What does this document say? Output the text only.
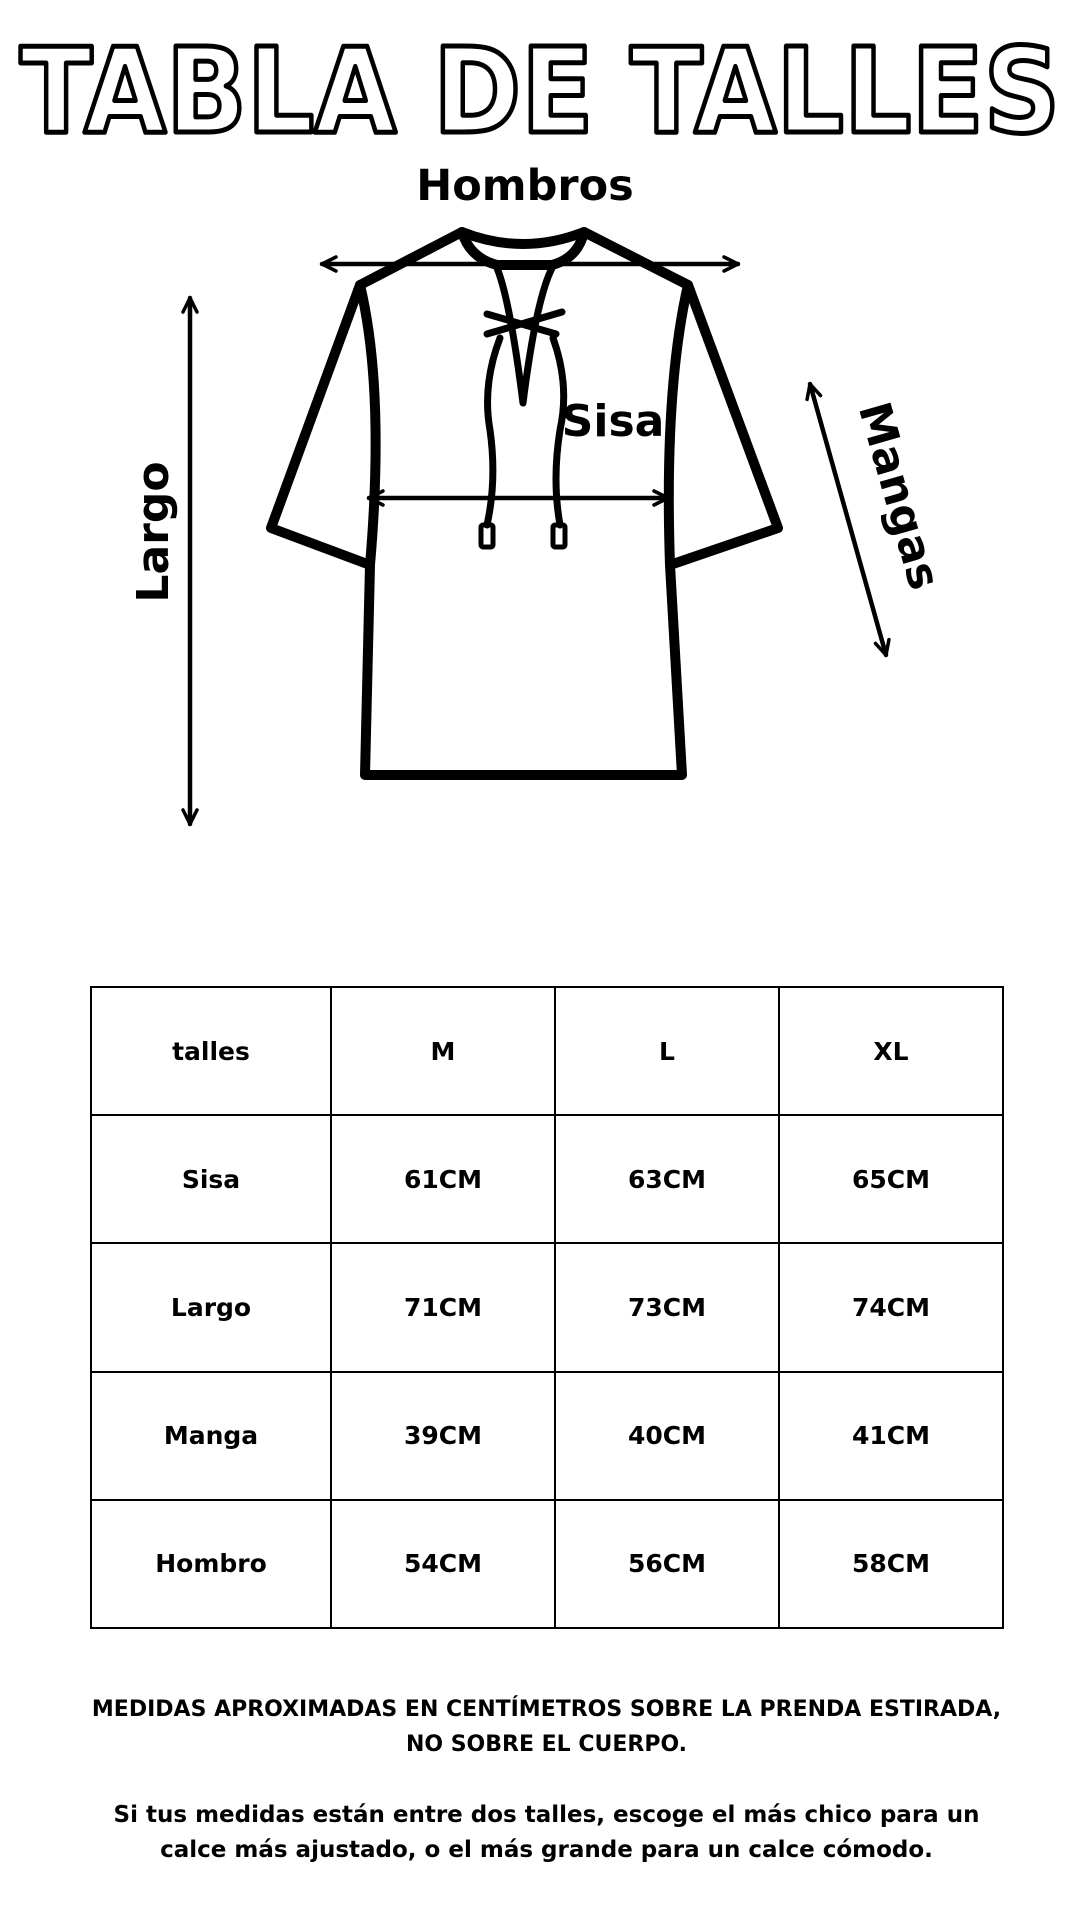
TABLA DE TALLES
Hombros
Sisa
Largo	Mangas
talles	M	L	XL
Sisa	61CM	63CM	65CM
Largo	71CM	73CM	74CM
Manga	39CM	40CM	41CM
Hombro	54CM	56CM	58CM

MEDIDAS APROXIMADAS EN CENTÍMETROS SOBRE LA PRENDA ESTIRADA, NO SOBRE EL CUERPO.

Si tus medidas están entre dos talles, escoge el más chico para un calce más ajustado, o el más grande para un calce cómodo.
